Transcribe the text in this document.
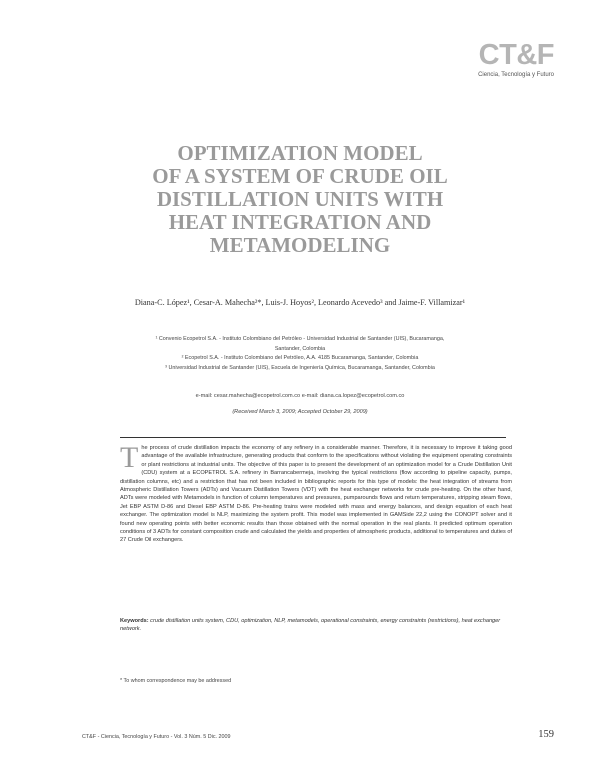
CT&F
Ciencia, Tecnología y Futuro
OPTIMIZATION MODEL
OF A SYSTEM OF CRUDE OIL
DISTILLATION UNITS WITH
HEAT INTEGRATION AND
METAMODELING
Diana-C. López¹, Cesar-A. Mahecha²*, Luis-J. Hoyos², Leonardo Acevedo³ and Jaime-F. Villamizar¹
¹ Convenio Ecopetrol S.A. - Instituto Colombiano del Petróleo - Universidad Industrial de Santander (UIS), Bucaramanga,
Santander, Colombia
² Ecopetrol S.A. - Instituto Colombiano del Petróleo, A.A. 4185 Bucaramanga, Santander, Colombia
³ Universidad Industrial de Santander (UIS), Escuela de Ingeniería Química, Bucaramanga, Santander, Colombia
e-mail: cesar.mahecha@ecopetrol.com.co e-mail: diana.ca.lopez@ecopetrol.com.co
(Received March 3, 2009; Accepted October 29, 2009)

The process of crude distillation impacts the economy of any refinery in a considerable manner. Therefore, it is necessary to improve it taking good advantage of the available infrastructure, generating products that conform to the specifications without violating the equipment operating constraints or plant restrictions at industrial units. The objective of this paper is to present the development of an optimization model for a Crude Distillation Unit (CDU) system at a ECOPETROL S.A. refinery in Barrancabermeja, involving the typical restrictions (flow according to pipeline capacity, pumps, distillation columns, etc) and a restriction that has not been included in bibliographic reports for this type of models: the heat integration of streams from Atmospheric Distillation Towers (ADTs) and Vacuum Distillation Towers (VDT) with the heat exchanger networks for crude pre-heating. On the other hand, ADTs were modeled with Metamodels in function of column temperatures and pressures, pumparounds flows and return temperatures, stripping steam flows, Jet EBP ASTM D-86 and Diesel EBP ASTM D-86. Pre-heating trains were modeled with mass and energy balances, and design equation of each heat exchanger. The optimization model is NLP, maximizing the system profit. This model was implemented in GAMSide 22,2 using the CONOPT solver and it found new operating points with better economic results than those obtained with the normal operation in the real plants. It predicted optimum operation conditions of 3 ADTs for constant composition crude and calculated the yields and properties of atmospheric products, additional to temperatures and duties of 27 Crude Oil exchangers.

Keywords: crude distillation units system, CDU, optimization, NLP, metamodels, operational constraints, energy constraints (restrictions), heat exchanger network.

* To whom correspondence may be addressed
CT&F - Ciencia, Tecnología y Futuro - Vol. 3 Núm. 5 Dic. 2009	159
